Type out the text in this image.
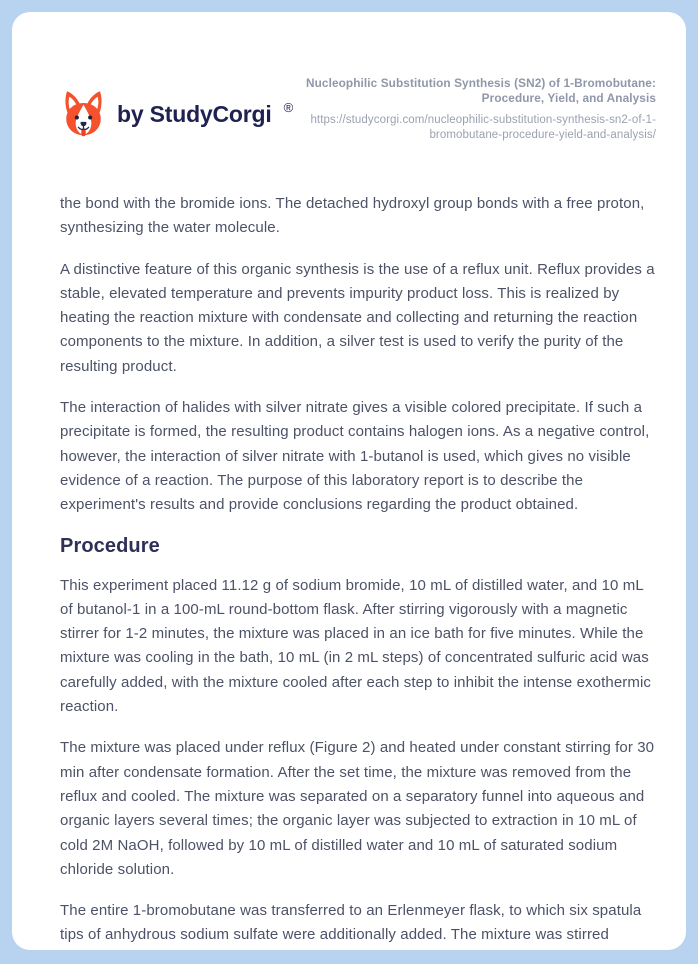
by StudyCorgi ®
Nucleophilic Substitution Synthesis (SN2) of 1-Bromobutane: Procedure, Yield, and Analysis
https://studycorgi.com/nucleophilic-substitution-synthesis-sn2-of-1-bromobutane-procedure-yield-and-analysis/

the bond with the bromide ions. The detached hydroxyl group bonds with a free proton, synthesizing the water molecule.

A distinctive feature of this organic synthesis is the use of a reflux unit. Reflux provides a stable, elevated temperature and prevents impurity product loss. This is realized by heating the reaction mixture with condensate and collecting and returning the reaction components to the mixture. In addition, a silver test is used to verify the purity of the resulting product.

The interaction of halides with silver nitrate gives a visible colored precipitate. If such a precipitate is formed, the resulting product contains halogen ions. As a negative control, however, the interaction of silver nitrate with 1-butanol is used, which gives no visible evidence of a reaction. The purpose of this laboratory report is to describe the experiment's results and provide conclusions regarding the product obtained.

Procedure

This experiment placed 11.12 g of sodium bromide, 10 mL of distilled water, and 10 mL of butanol-1 in a 100-mL round-bottom flask. After stirring vigorously with a magnetic stirrer for 1-2 minutes, the mixture was placed in an ice bath for five minutes. While the mixture was cooling in the bath, 10 mL (in 2 mL steps) of concentrated sulfuric acid was carefully added, with the mixture cooled after each step to inhibit the intense exothermic reaction.

The mixture was placed under reflux (Figure 2) and heated under constant stirring for 30 min after condensate formation. After the set time, the mixture was removed from the reflux and cooled. The mixture was separated on a separatory funnel into aqueous and organic layers several times; the organic layer was subjected to extraction in 10 mL of cold 2M NaOH, followed by 10 mL of distilled water and 10 mL of saturated sodium chloride solution.

The entire 1-bromobutane was transferred to an Erlenmeyer flask, to which six spatula tips of anhydrous sodium sulfate were additionally added. The mixture was stirred
